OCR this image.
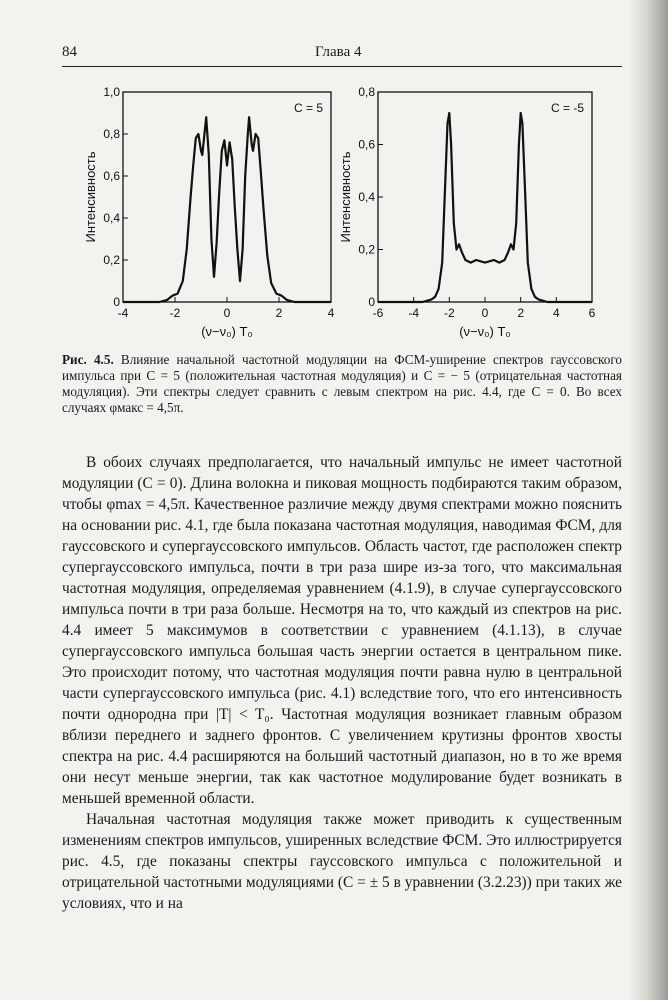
84	Глава 4
-4	-2	0	2	4
0
0,2
0,4
0,6
0,8
1,0
C = 5
(ν−ν₀) T₀
Интенсивность
-6 -4 -2 0 2 4 6
0
0,2
0,4
0,6
0,8
C = -5
(ν−ν₀) T₀
Интенсивность
Рис. 4.5. Влияние начальной частотной модуляции на ФСМ-уширение спектров гауссовского импульса при C = 5 (положительная частотная модуляция) и C = − 5 (отрицательная частотная модуляция). Эти спектры следует сравнить с левым спектром на рис. 4.4, где C = 0. Во всех случаях φмакс = 4,5π.

В обоих случаях предполагается, что начальный импульс не имеет частотной модуляции (C = 0). Длина волокна и пиковая мощность подбираются таким образом, чтобы φmax = 4,5π. Качественное различие между двумя спектрами можно пояснить на основании рис. 4.1, где была показана частотная модуляция, наводимая ФСМ, для гауссовского и супергауссовского импульсов. Область частот, где расположен спектр супергауссовского импульса, почти в три раза шире из-за того, что максимальная частотная модуляция, определяемая уравнением (4.1.9), в случае супергауссовского импульса почти в три раза больше. Несмотря на то, что каждый из спектров на рис. 4.4 имеет 5 максимумов в соответствии с уравнением (4.1.13), в случае супергауссовского импульса большая часть энергии остается в центральном пике. Это происходит потому, что частотная модуляция почти равна нулю в центральной части супергауссовского импульса (рис. 4.1) вследствие того, что его интенсивность почти однородна при |T| < T₀. Частотная модуляция возникает главным образом вблизи переднего и заднего фронтов. С увеличением крутизны фронтов хвосты спектра на рис. 4.4 расширяются на больший частотный диапазон, но в то же время они несут меньше энергии, так как частотное модулирование будет возникать в меньшей временной области.

Начальная частотная модуляция также может приводить к существенным изменениям спектров импульсов, уширенных вследствие ФСМ. Это иллюстрируется рис. 4.5, где показаны спектры гауссовского импульса с положительной и отрицательной частотными модуляциями (C = ± 5 в уравнении (3.2.23)) при таких же условиях, что и на
